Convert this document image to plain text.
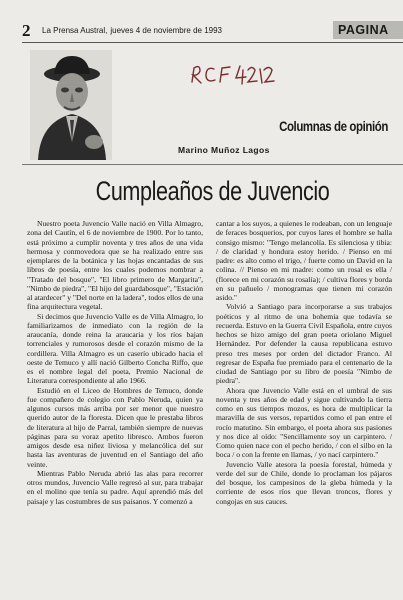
2 La Prensa Austral, jueves 4 de noviembre de 1993	PAGINA
Columnas de opinión
Marino Muñoz Lagos
Cumpleaños de Juvencio

Nuestro poeta Juvencio Valle nació en Villa Almagro, zona del Cautín, el 6 de noviembre de 1900. Por lo tanto, está próximo a cumplir noventa y tres años de una vida hermosa y conmovedora que se ha realizado entre sus ejemplares de la botánica y las hojas encantadas de sus libros de poesía, entre los cuales podemos nombrar a "Tratado del bosque", "El libro primero de Margarita", "Nimbo de piedra", "El hijo del guardabosque", "Estación al atardecer" y "Del norte en la ladera", todos ellos de una fina arquitectura vegetal.

Si decimos que Juvencio Valle es de Villa Almagro, lo familiarizamos de inmediato con la región de la araucanía, donde reina la araucaria y los ríos bajan torrenciales y rumorosos desde el corazón mismo de la cordillera. Villa Almagro es un caserío ubicado hacia el oeste de Temuco y allí nació Gilberto Concha Riffo, que es el nombre legal del poeta, Premio Nacional de Literatura correspondiente al año 1966.

Estudió en el Liceo de Hombres de Temuco, donde fue compañero de colegio con Pablo Neruda, quien ya algunos cursos más arriba por ser menor que nuestro querido autor de la floresta. Dicen que le prestaba libros de literatura al hijo de Parral, también siempre de nuevas páginas para su voraz apetito libresco. Ambos fueron amigos desde esa niñez liviosa y melancólica del sur hasta las aventuras de juventud en el Santiago del año veinte.

Mientras Pablo Neruda abrió las alas para recorrer otros mundos, Juvencio Valle regresó al sur, para trabajar en el molino que tenía su padre. Aquí aprendió más del paisaje y las costumbres de sus paisanos. Y comenzó a

cantar a los suyos, a quienes le rodeaban, con un lenguaje de feraces bosquerios, por cuyos lares el hombre se halla consigo mismo: "Tengo melancolía. Es silenciosa y tibia: / de claridad y hondura estoy herido. / Pienso en mi padre: es alto como el trigo, / fuerte como un David en la colina. // Pienso en mi madre: como un rosal es ella / (florece en mi corazón su rosalía); / cultiva flores y borda en su pañuelo / monogramas que tienen mi corazón asido."

Volvió a Santiago para incorporarse a sus trabajos poéticos y al ritmo de una bohemia que todavía se recuerda. Estuvo en la Guerra Civil Española, entre cuyos hechos se hizo amigo del gran poeta oriolano Miguel Hernández. Por defender la causa republicana estuvo preso tres meses por orden del dictador Franco. Al regresar de España fue premiado para el centenario de la ciudad de Santiago por su libro de poesía "Nimbo de piedra".

Ahora que Juvencio Valle está en el umbral de sus noventa y tres años de edad y sigue cultivando la tierra como en sus tiempos mozos, es hora de multiplicar la maravilla de sus versos, repartidos como el pan entre el rocío matutino. Sin embargo, el poeta ahora sus pasiones y nos dice al oído: "Sencillamente soy un carpintero. / Como quien nace con el pecho herido, / con el silbo en la boca / o con la frente en llamas, / yo nací carpintero."

Juvencio Valle atesora la poesía forestal, húmeda y verde del sur de Chile, donde lo proclaman los pájaros del bosque, los campesinos de la gleba húmeda y la corriente de esos ríos que llevan troncos, flores y congojas en sus cauces.
